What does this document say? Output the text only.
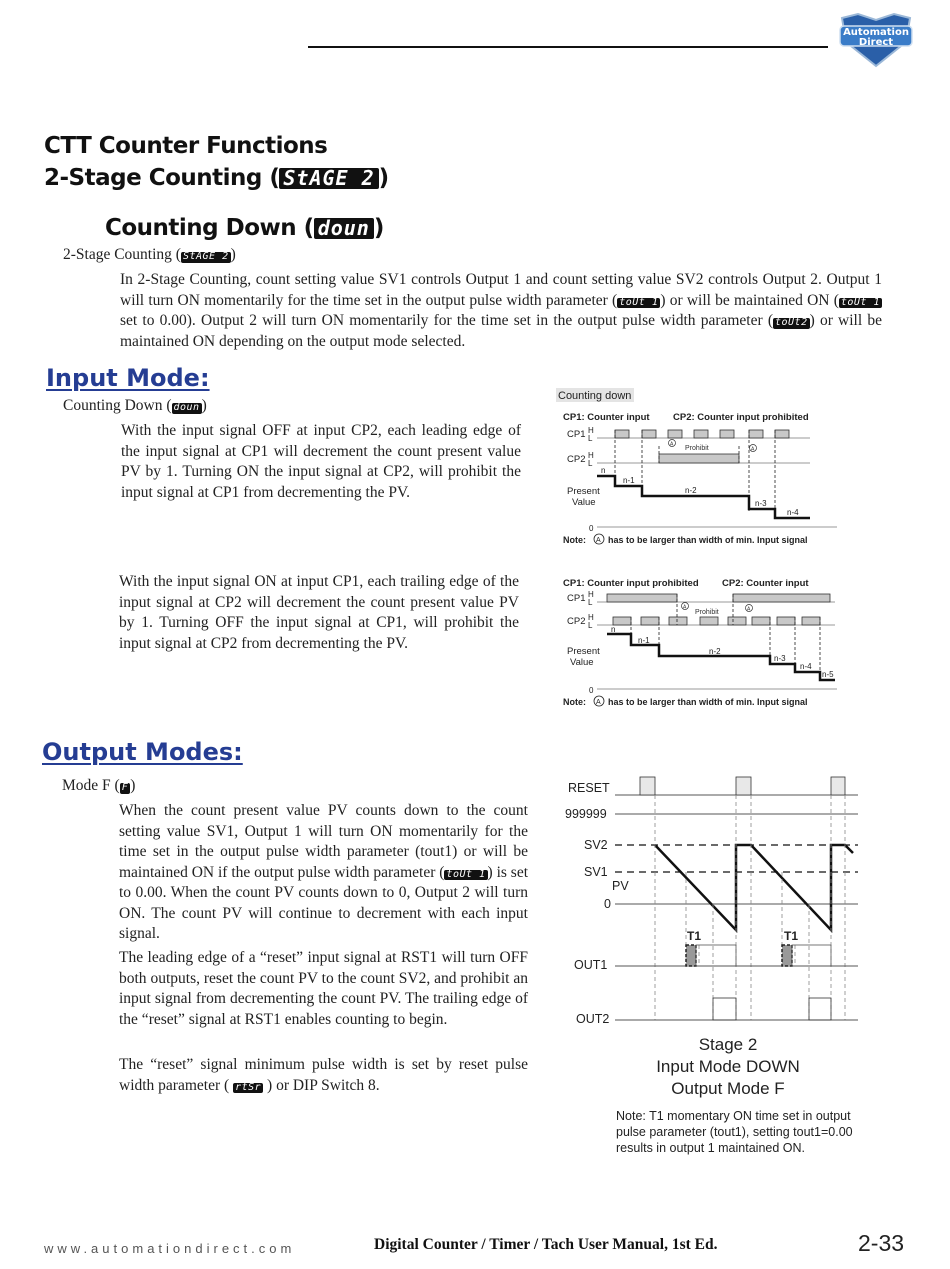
Automation
Direct
CTT Counter Functions
2-Stage Counting ( StAGE 2 )
Counting Down ( doun )
2-Stage Counting ( StAGE 2 )

In 2-Stage Counting, count setting value SV1 controls Output 1 and count setting value SV2 controls Output 2. Output 1 will turn ON momentarily for the time set in the output pulse width parameter ( toUt 1 ) or will be maintained ON ( toUt 1 set to 0.00). Output 2 will turn ON momentarily for the time set in the output pulse width parameter ( toUt2 ) or will be maintained ON depending on the output mode selected.

Input Mode:
Counting Down ( doun )

With the input signal OFF at input CP2, each leading edge of the input signal at CP1 will decrement the count present value PV by 1. Turning ON the input signal at CP2, will prohibit the input signal at CP1 from decrementing the PV.

With the input signal ON at input CP1, each trailing edge of the input signal at CP2 will decrement the count present value PV by 1. Turning OFF the input signal at CP1, will prohibit the input signal at CP2 from decrementing the PV.

Counting down
CP1: Counter input CP2: Counter input prohibited
CP1 H
L
CP2 H
L
Prohibit
A
A
Present
Value
n
n-1
n-2
n-3
n-4
0
Note: A has to be larger than width of min. Input signal
CP1: Counter input prohibited CP2: Counter input
CP1 H
L
Prohibit
A	A
CP2 H
L
Present
Value
n
n-1
n-2
n-3
n-4
n-5
0
Note: A has to be larger than width of min. Input signal
Output Modes:
Mode F ( F )

When the count present value PV counts down to the count setting value SV1, Output 1 will turn ON momentarily for the time set in the output pulse width parameter (tout1) or will be maintained ON if the output pulse width parameter ( toUt 1 ) is set to 0.00. When the count PV counts down to 0, Output 2 will turn ON. The count PV will continue to decrement with each input signal.

The leading edge of a “reset” input signal at RST1 will turn OFF both outputs, reset the count PV to the count SV2, and prohibit an input signal from decrementing the count PV. The trailing edge of the “reset” signal at RST1 enables counting to begin.

The “reset” signal minimum pulse width is set by reset pulse width parameter ( rtSr ) or DIP Switch 8.

RESET
999999
SV2
SV1
PV
0
T1	T1
OUT1
OUT2
Stage 2
Input Mode DOWN
Output Mode F
Note: T1 momentary ON time set in output pulse parameter (tout1), setting tout1=0.00 results in output 1 maintained ON.
www.automationdirect.com	Digital Counter / Timer / Tach User Manual, 1st Ed.	2-33
